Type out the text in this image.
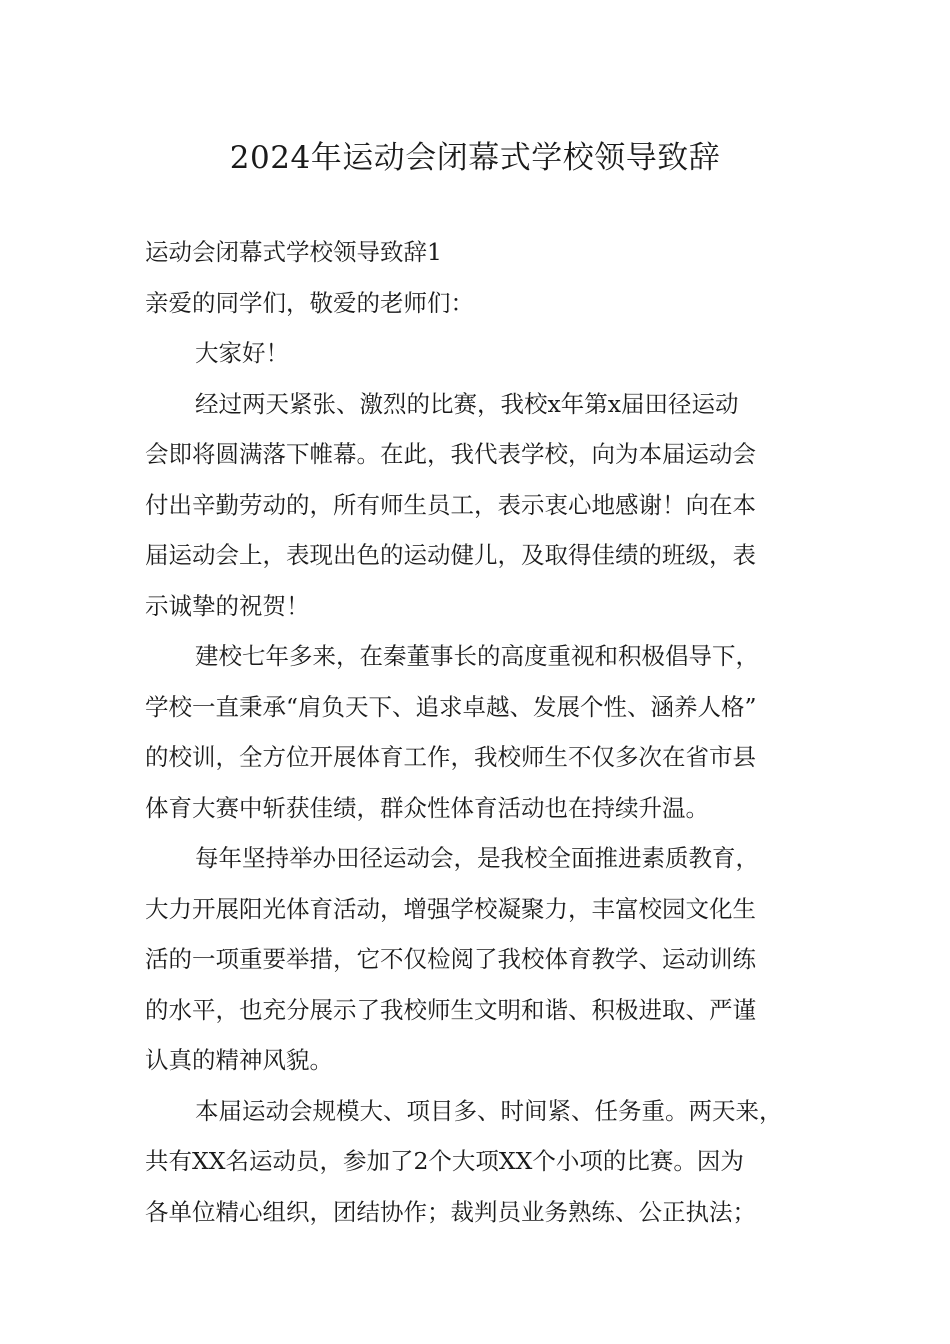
2024年运动会闭幕式学校领导致辞

运动会闭幕式学校领导致辞1

亲爱的同学们，敬爱的老师们：

大家好！

经过两天紧张、激烈的比赛，我校x年第x届田径运动

会即将圆满落下帷幕。在此，我代表学校，向为本届运动会

付出辛勤劳动的，所有师生员工，表示衷心地感谢！向在本

届运动会上，表现出色的运动健儿，及取得佳绩的班级，表

示诚挚的祝贺！

建校七年多来，在秦董事长的高度重视和积极倡导下，

学校一直秉承“肩负天下、追求卓越、发展个性、涵养人格”

的校训，全方位开展体育工作，我校师生不仅多次在省市县

体育大赛中斩获佳绩，群众性体育活动也在持续升温。

每年坚持举办田径运动会，是我校全面推进素质教育，

大力开展阳光体育活动，增强学校凝聚力，丰富校园文化生

活的一项重要举措，它不仅检阅了我校体育教学、运动训练

的水平，也充分展示了我校师生文明和谐、积极进取、严谨

认真的精神风貌。

本届运动会规模大、项目多、时间紧、任务重。两天来，

共有XX名运动员，参加了2个大项XX个小项的比赛。因为

各单位精心组织，团结协作；裁判员业务熟练、公正执法；
